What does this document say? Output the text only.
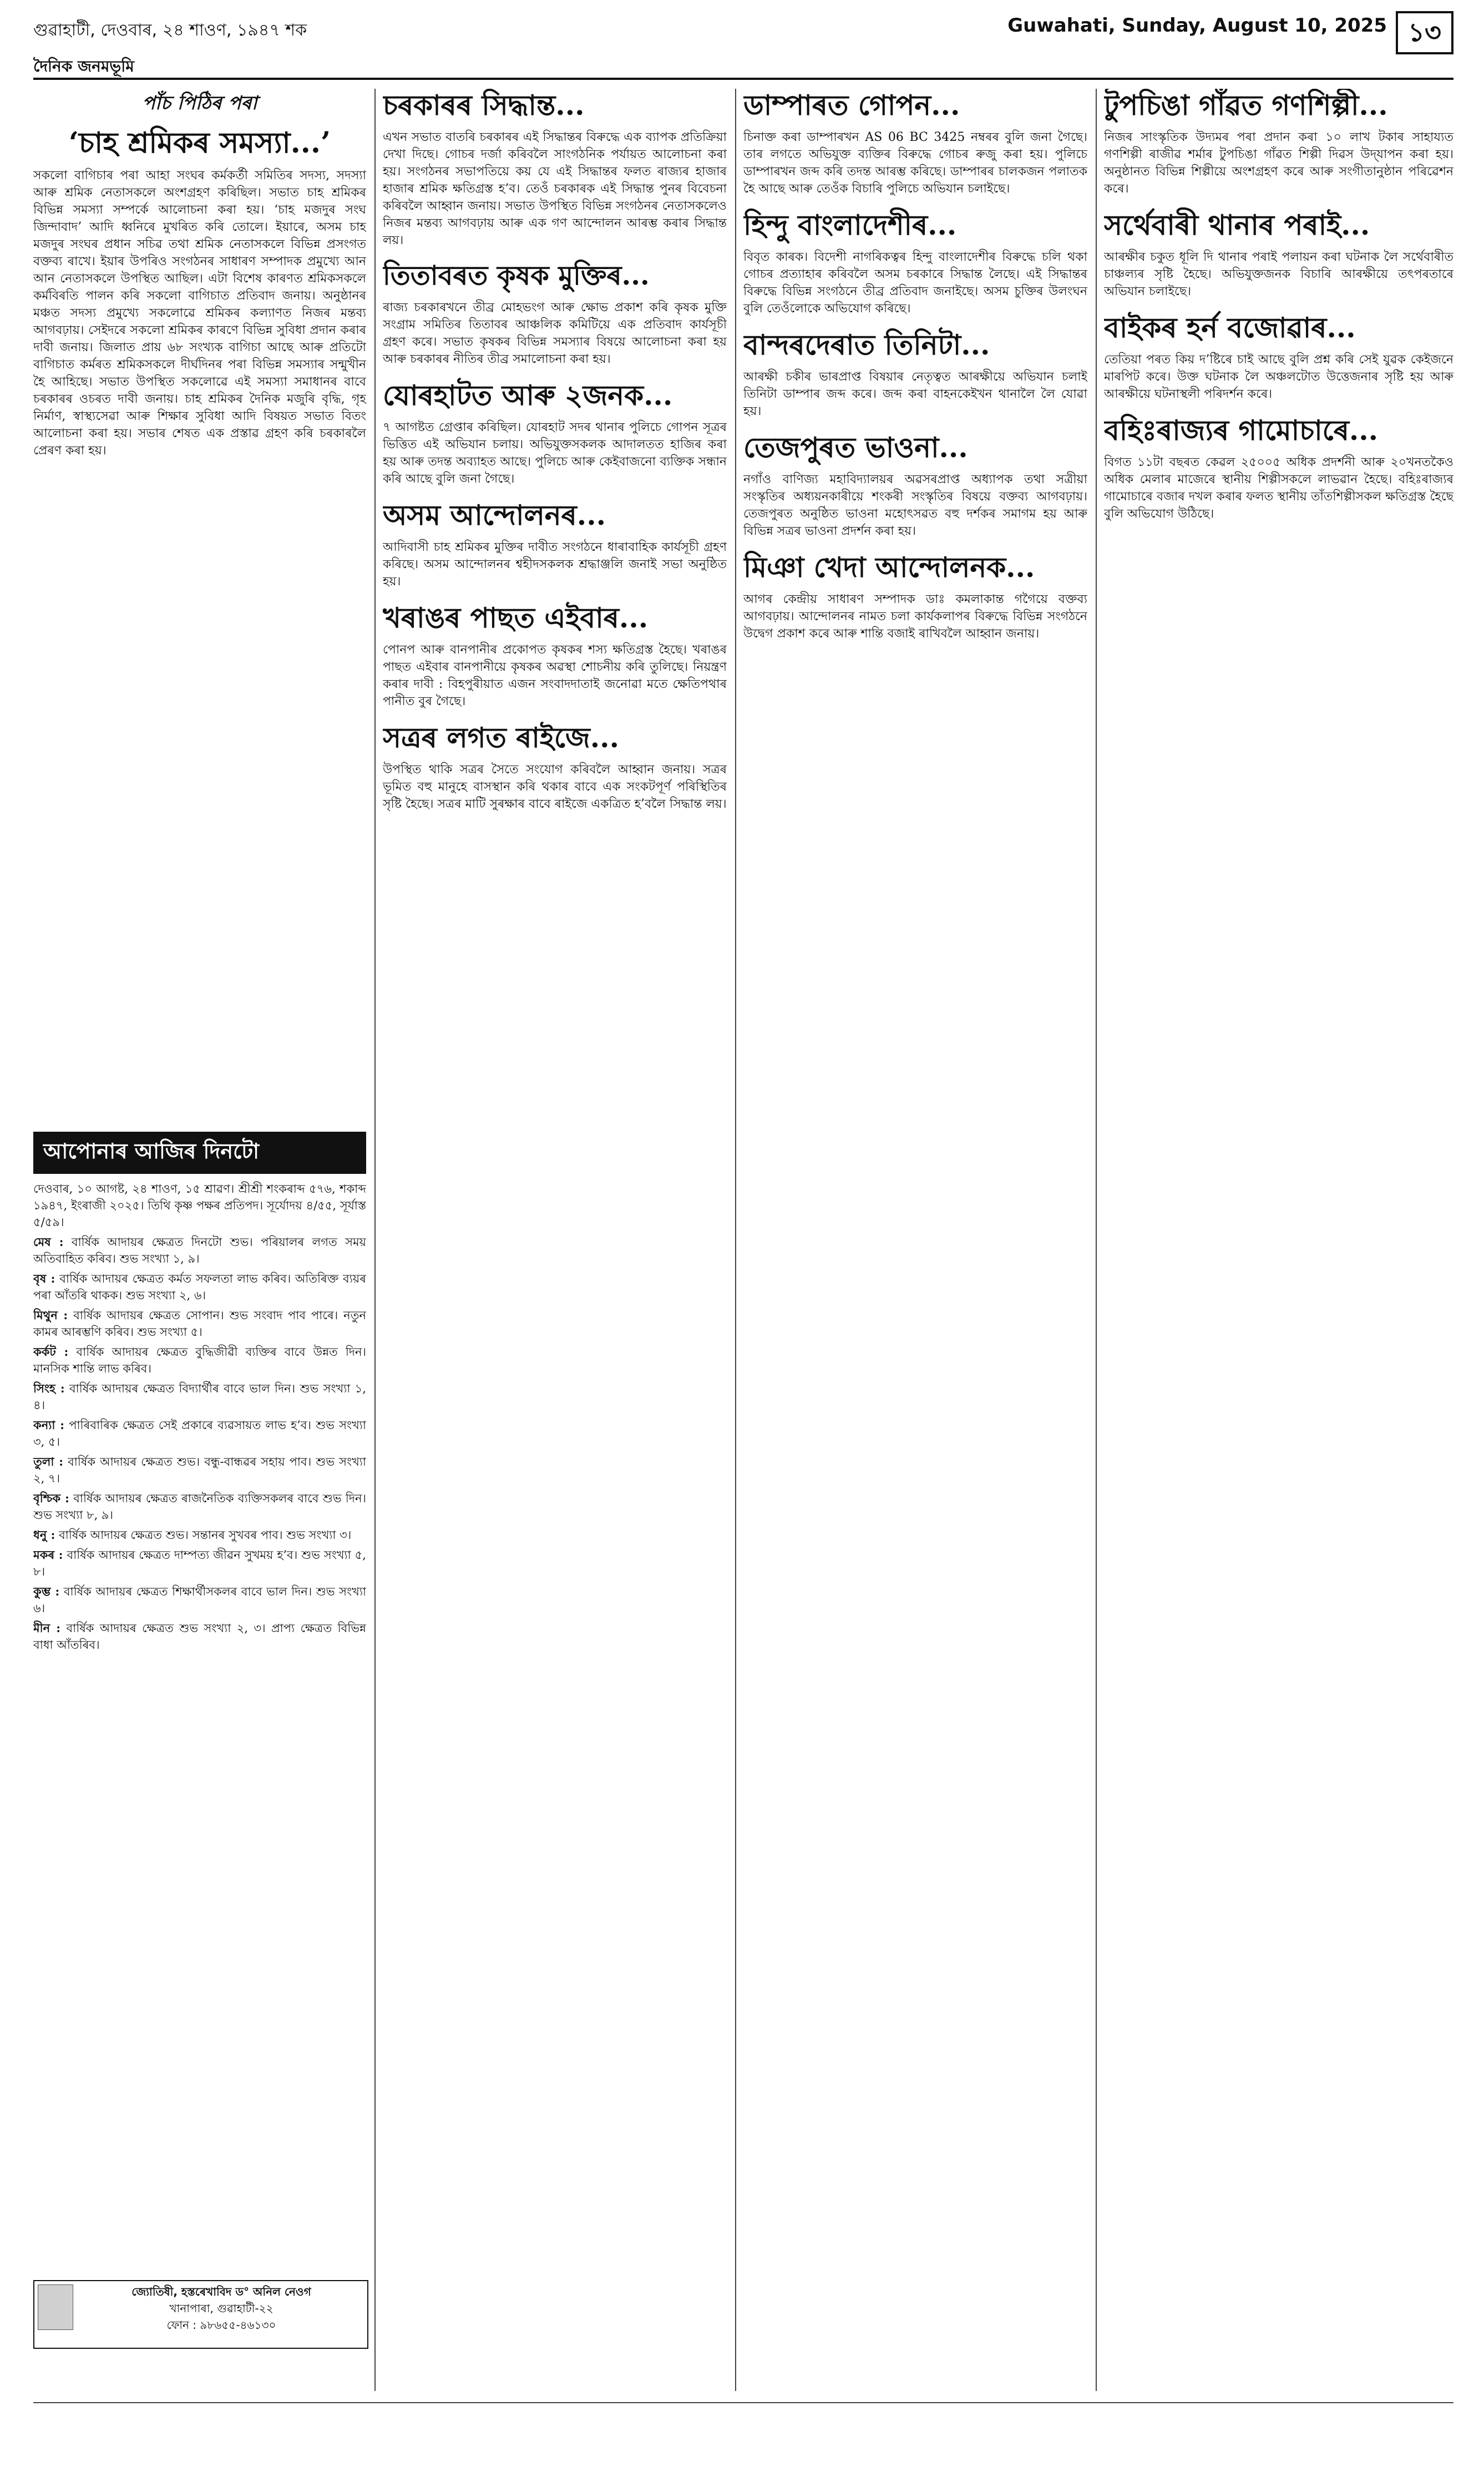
গুৱাহাটী, দেওবাৰ, ২৪ শাওণ, ১৯৪৭ শক	Guwahati, Sunday, August 10, 2025 ১৩
দৈনিক জনমভূমি
পাঁচ পিঠিৰ পৰা
‘চাহ শ্ৰমিকৰ সমস্যা...’

সকলো বাগিচাৰ পৰা আহা সংঘৰ কৰ্মকৰ্তী সমিতিৰ সদস্য, সদস্যা আৰু শ্ৰমিক নেতাসকলে অংশগ্ৰহণ কৰিছিল। সভাত চাহ শ্ৰমিকৰ বিভিন্ন সমস্যা সম্পৰ্কে আলোচনা কৰা হয়। ‘চাহ মজদুৰ সংঘ জিন্দাবাদ’ আদি ধ্বনিৰে মুখৰিত কৰি তোলে। ইয়াৰে, অসম চাহ মজদুৰ সংঘৰ প্ৰধান সচিৱ তথা শ্ৰমিক নেতাসকলে বিভিন্ন প্ৰসংগত বক্তব্য ৰাখে। ইয়াৰ উপৰিও সংগঠনৰ সাধাৰণ সম্পাদক প্ৰমুখ্যে আন আন নেতাসকলে উপস্থিত আছিল। এটা বিশেষ কাৰণত শ্ৰমিকসকলে কৰ্মবিৰতি পালন কৰি সকলো বাগিচাত প্ৰতিবাদ জনায়। অনুষ্ঠানৰ মঞ্চত সদস্য প্ৰমুখ্যে সকলোৱে শ্ৰমিকৰ কল্যাণত নিজৰ মন্তব্য আগবঢ়ায়। সেইদৰে সকলো শ্ৰমিকৰ কাৰণে বিভিন্ন সুবিধা প্ৰদান কৰাৰ দাবী জনায়। জিলাত প্ৰায় ৬৮ সংখ্যক বাগিচা আছে আৰু প্ৰতিটো বাগিচাত কৰ্মৰত শ্ৰমিকসকলে দীৰ্ঘদিনৰ পৰা বিভিন্ন সমস্যাৰ সন্মুখীন হৈ আহিছে। সভাত উপস্থিত সকলোৱে এই সমস্যা সমাধানৰ বাবে চৰকাৰৰ ওচৰত দাবী জনায়। চাহ শ্ৰমিকৰ দৈনিক মজুৰি বৃদ্ধি, গৃহ নিৰ্মাণ, স্বাস্থ্যসেৱা আৰু শিক্ষাৰ সুবিধা আদি বিষয়ত সভাত বিতং আলোচনা কৰা হয়। সভাৰ শেষত এক প্ৰস্তাৱ গ্ৰহণ কৰি চৰকাৰলৈ প্ৰেৰণ কৰা হয়।

আপোনাৰ আজিৰ দিনটো

দেওবাৰ, ১০ আগষ্ট, ২৪ শাওণ, ১৫ শ্ৰাৱণ। শ্ৰীশ্ৰী শংকৰাব্দ ৫৭৬, শকাব্দ ১৯৪৭, ইংৰাজী ২০২৫। তিথি কৃষ্ণ পক্ষৰ প্ৰতিপদ। সূৰ্যোদয় ৪/৫৫, সূৰ্যাস্ত ৫/৫৯।

মেষ : বাৰ্ষিক আদায়ৰ ক্ষেত্ৰত দিনটো শুভ। পৰিয়ালৰ লগত সময় অতিবাহিত কৰিব। শুভ সংখ্যা ১, ৯।

বৃষ : বাৰ্ষিক আদায়ৰ ক্ষেত্ৰত কৰ্মত সফলতা লাভ কৰিব। অতিৰিক্ত ব্যয়ৰ পৰা আঁতৰি থাকক। শুভ সংখ্যা ২, ৬।

মিথুন : বাৰ্ষিক আদায়ৰ ক্ষেত্ৰত সোপান। শুভ সংবাদ পাব পাৰে। নতুন কামৰ আৰম্ভণি কৰিব। শুভ সংখ্যা ৫।

কৰ্কট : বাৰ্ষিক আদায়ৰ ক্ষেত্ৰত বুদ্ধিজীৱী ব্যক্তিৰ বাবে উন্নত দিন। মানসিক শান্তি লাভ কৰিব।

সিংহ : বাৰ্ষিক আদায়ৰ ক্ষেত্ৰত বিদ্যাৰ্থীৰ বাবে ভাল দিন। শুভ সংখ্যা ১, ৪।

কন্যা : পাৰিবাৰিক ক্ষেত্ৰত সেই প্ৰকাৰে ব্যৱসায়ত লাভ হ’ব। শুভ সংখ্যা ৩, ৫।

তুলা : বাৰ্ষিক আদায়ৰ ক্ষেত্ৰত শুভ। বন্ধু-বান্ধৱৰ সহায় পাব। শুভ সংখ্যা ২, ৭।

বৃশ্চিক : বাৰ্ষিক আদায়ৰ ক্ষেত্ৰত ৰাজনৈতিক ব্যক্তিসকলৰ বাবে শুভ দিন। শুভ সংখ্যা ৮, ৯।

ধনু : বাৰ্ষিক আদায়ৰ ক্ষেত্ৰত শুভ। সন্তানৰ সুখবৰ পাব। শুভ সংখ্যা ৩।

মকৰ : বাৰ্ষিক আদায়ৰ ক্ষেত্ৰত দাম্পত্য জীৱন সুখময় হ’ব। শুভ সংখ্যা ৫, ৮।

কুম্ভ : বাৰ্ষিক আদায়ৰ ক্ষেত্ৰত শিক্ষাৰ্থীসকলৰ বাবে ভাল দিন। শুভ সংখ্যা ৬।

মীন : বাৰ্ষিক আদায়ৰ ক্ষেত্ৰত শুভ সংখ্যা ২, ৩। প্ৰাপ্য ক্ষেত্ৰত বিভিন্ন বাধা আঁতৰিব।

জ্যোতিষী, হস্তৰেখাবিদ ড° অনিল নেওগ
খানাপাৰা, গুৱাহাটী-২২
ফোন : ৯৮৬৫৫-৪৬১৩০
চৰকাৰৰ সিদ্ধান্ত...

এখন সভাত বাতৰি চৰকাৰৰ এই সিদ্ধান্তৰ বিৰুদ্ধে এক ব্যাপক প্ৰতিক্ৰিয়া দেখা দিছে। গোচৰ দৰ্জা কৰিবলৈ সাংগঠনিক পৰ্যায়ত আলোচনা কৰা হয়। সংগঠনৰ সভাপতিয়ে কয় যে এই সিদ্ধান্তৰ ফলত ৰাজ্যৰ হাজাৰ হাজাৰ শ্ৰমিক ক্ষতিগ্ৰস্ত হ’ব। তেওঁ চৰকাৰক এই সিদ্ধান্ত পুনৰ বিবেচনা কৰিবলৈ আহ্বান জনায়। সভাত উপস্থিত বিভিন্ন সংগঠনৰ নেতাসকলেও নিজৰ মন্তব্য আগবঢ়ায় আৰু এক গণ আন্দোলন আৰম্ভ কৰাৰ সিদ্ধান্ত লয়।

তিতাবৰত কৃষক মুক্তিৰ...

ৰাজ্য চৰকাৰখনে তীব্ৰ মোহভংগ আৰু ক্ষোভ প্ৰকাশ কৰি কৃষক মুক্তি সংগ্ৰাম সমিতিৰ তিতাবৰ আঞ্চলিক কমিটিয়ে এক প্ৰতিবাদ কাৰ্যসূচী গ্ৰহণ কৰে। সভাত কৃষকৰ বিভিন্ন সমস্যাৰ বিষয়ে আলোচনা কৰা হয় আৰু চৰকাৰৰ নীতিৰ তীব্ৰ সমালোচনা কৰা হয়।

যোৰহাটত আৰু ২জনক...

৭ আগষ্টত গ্ৰেপ্তাৰ কৰিছিল। যোৰহাট সদৰ থানাৰ পুলিচে গোপন সূত্ৰৰ ভিত্তিত এই অভিযান চলায়। অভিযুক্তসকলক আদালতত হাজিৰ কৰা হয় আৰু তদন্ত অব্যাহত আছে। পুলিচে আৰু কেইবাজনো ব্যক্তিক সন্ধান কৰি আছে বুলি জনা গৈছে।

অসম আন্দোলনৰ...

আদিবাসী চাহ শ্ৰমিকৰ মুক্তিৰ দাবীত সংগঠনে ধাৰাবাহিক কাৰ্যসূচী গ্ৰহণ কৰিছে। অসম আন্দোলনৰ শ্বহীদসকলক শ্ৰদ্ধাঞ্জলি জনাই সভা অনুষ্ঠিত হয়।

খৰাঙৰ পাছত এইবাৰ...

পোনপ আৰু বানপানীৰ প্ৰকোপত কৃষকৰ শস্য ক্ষতিগ্ৰস্ত হৈছে। খৰাঙৰ পাছত এইবাৰ বানপানীয়ে কৃষকৰ অৱস্থা শোচনীয় কৰি তুলিছে। নিয়ন্ত্ৰণ কৰাৰ দাবী : বিহপুৰীয়াত এজন সংবাদদাতাই জনোৱা মতে ক্ষেতিপথাৰ পানীত বুৰ গৈছে।

সত্ৰৰ লগত ৰাইজে...

উপস্থিত থাকি সত্ৰৰ সৈতে সংযোগ কৰিবলৈ আহ্বান জনায়। সত্ৰৰ ভূমিত বহু মানুহে বাসস্থান কৰি থকাৰ বাবে এক সংকটপূৰ্ণ পৰিস্থিতিৰ সৃষ্টি হৈছে। সত্ৰৰ মাটি সুৰক্ষাৰ বাবে ৰাইজে একত্ৰিত হ’বলৈ সিদ্ধান্ত লয়।

ডাম্পাৰত গোপন...

চিনাক্ত কৰা ডাম্পাৰখন AS 06 BC 3425 নম্বৰৰ বুলি জনা গৈছে। তাৰ লগতে অভিযুক্ত ব্যক্তিৰ বিৰুদ্ধে গোচৰ ৰুজু কৰা হয়। পুলিচে ডাম্পাৰখন জব্দ কৰি তদন্ত আৰম্ভ কৰিছে। ডাম্পাৰৰ চালকজন পলাতক হৈ আছে আৰু তেওঁক বিচাৰি পুলিচে অভিযান চলাইছে।

হিন্দু বাংলাদেশীৰ...

বিবৃত কাৰক। বিদেশী নাগৰিকত্বৰ হিন্দু বাংলাদেশীৰ বিৰুদ্ধে চলি থকা গোচৰ প্ৰত্যাহাৰ কৰিবলৈ অসম চৰকাৰে সিদ্ধান্ত লৈছে। এই সিদ্ধান্তৰ বিৰুদ্ধে বিভিন্ন সংগঠনে তীব্ৰ প্ৰতিবাদ জনাইছে। অসম চুক্তিৰ উলংঘন বুলি তেওঁলোকে অভিযোগ কৰিছে।

বান্দৰদেৰাত তিনিটা...

আৰক্ষী চকীৰ ভাৰপ্ৰাপ্ত বিষয়াৰ নেতৃত্বত আৰক্ষীয়ে অভিযান চলাই তিনিটা ডাম্পাৰ জব্দ কৰে। জব্দ কৰা বাহনকেইখন থানালৈ লৈ যোৱা হয়।

তেজপুৰত ভাওনা...

নগাঁও বাণিজ্য মহাবিদ্যালয়ৰ অৱসৰপ্ৰাপ্ত অধ্যাপক তথা সত্ৰীয়া সংস্কৃতিৰ অধ্যয়নকাৰীয়ে শংকৰী সংস্কৃতিৰ বিষয়ে বক্তব্য আগবঢ়ায়। তেজপুৰত অনুষ্ঠিত ভাওনা মহোৎসৱত বহু দৰ্শকৰ সমাগম হয় আৰু বিভিন্ন সত্ৰৰ ভাওনা প্ৰদৰ্শন কৰা হয়।

মিঞা খেদা আন্দোলনক...

আগৰ কেন্দ্ৰীয় সাধাৰণ সম্পাদক ডাঃ কমলাকান্ত গগৈয়ে বক্তব্য আগবঢ়ায়। আন্দোলনৰ নামত চলা কাৰ্যকলাপৰ বিৰুদ্ধে বিভিন্ন সংগঠনে উদ্বেগ প্ৰকাশ কৰে আৰু শান্তি বজাই ৰাখিবলৈ আহ্বান জনায়।

টুপচিঙা গাঁৱত গণশিল্পী...

নিজৰ সাংস্কৃতিক উদ্যমৰ পৰা প্ৰদান কৰা ১০ লাখ টকাৰ সাহায্যত গণশিল্পী ৰাজীৱ শৰ্মাৰ টুপচিঙা গাঁৱত শিল্পী দিৱস উদ্‌যাপন কৰা হয়। অনুষ্ঠানত বিভিন্ন শিল্পীয়ে অংশগ্ৰহণ কৰে আৰু সংগীতানুষ্ঠান পৰিৱেশন কৰে।

সৰ্থেবাৰী থানাৰ পৰাই...

আৰক্ষীৰ চকুত ধূলি দি থানাৰ পৰাই পলায়ন কৰা ঘটনাক লৈ সৰ্থেবাৰীত চাঞ্চল্যৰ সৃষ্টি হৈছে। অভিযুক্তজনক বিচাৰি আৰক্ষীয়ে তৎপৰতাৰে অভিযান চলাইছে।

বাইকৰ হৰ্ন বজোৱাৰ...

তেতিয়া পৰত কিয় দ’ষ্টিৰে চাই আছে বুলি প্ৰশ্ন কৰি সেই যুৱক কেইজনে মাৰপিট কৰে। উক্ত ঘটনাক লৈ অঞ্চলটোত উত্তেজনাৰ সৃষ্টি হয় আৰু আৰক্ষীয়ে ঘটনাস্থলী পৰিদৰ্শন কৰে।

বহিঃৰাজ্যৰ গামোচাৰে...

বিগত ১১টা বছৰত কেৱল ২৫০০৫ অধিক প্ৰদৰ্শনী আৰু ২০খনতকৈও অধিক মেলাৰ মাজেৰে স্থানীয় শিল্পীসকলে লাভৱান হৈছে। বহিঃৰাজ্যৰ গামোচাৰে বজাৰ দখল কৰাৰ ফলত স্থানীয় তাঁতশিল্পীসকল ক্ষতিগ্ৰস্ত হৈছে বুলি অভিযোগ উঠিছে।
